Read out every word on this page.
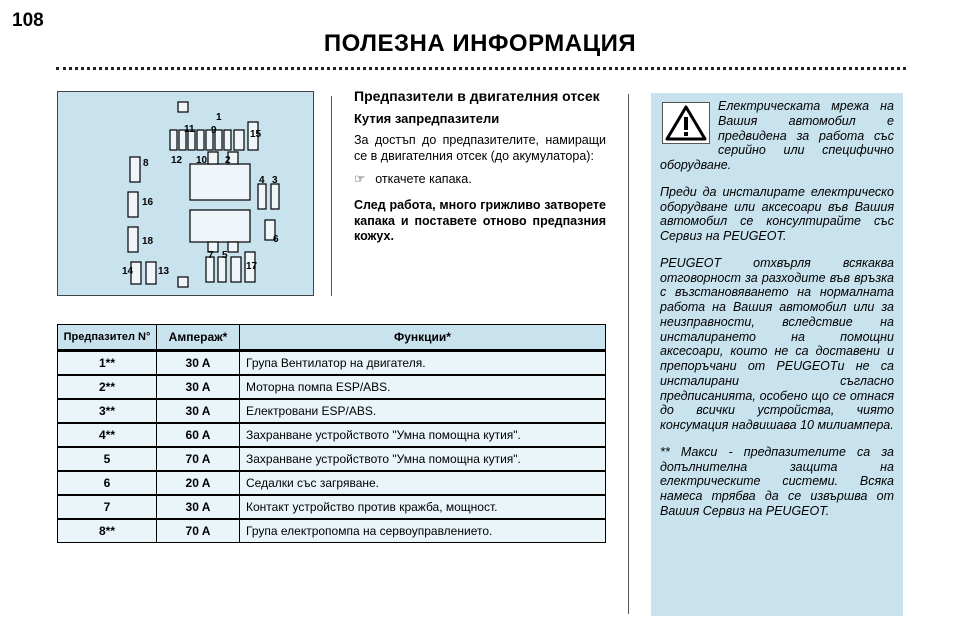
108
ПОЛЕЗНА ИНФОРМАЦИЯ
1
11 9	15
8 12 10 2
16
4 3
18	6
7 5
14 13	17
Предпазители в двигателния отсек
Кутия запредпазители

За достъп до предпазителите, намиращи се в двигателния отсек (до акумулатора):

☞ откачете капака.

След работа, много грижливо затворете капака и поставете отново предпазния кожух.

Предпазител N°	Ампераж*	Функции*
1**	30 A	Група Вентилатор на двигателя.
2**	30 A	Моторна помпа ESP/ABS.
3**	30 A	Електровани ESP/ABS.
4**	60 A	Захранване устройството "Умна помощна кутия".
5	70 A	Захранване устройството "Умна помощна кутия".
6	20 A	Седалки със загряване.
7	30 A	Контакт устройство против кражба, мощност.
8**	70 A	Група електропомпа на сервоуправлението.

Електрическата мрежа на Вашия автомобил е предвидена за работа със серийно или специфично оборудване.

Преди да инсталирате електрическо оборудване или аксесоари във Вашия автомобил се консултирайте със Сервиз на PEUGEOT.

PEUGEOT отхвърля всякаква отговорност за разходите във връзка с възстановяването на нормалната работа на Вашия автомобил или за неизправности, вследствие на инсталирането на помощни аксесоари, които не са доставени и препоръчани от PEUGEOTи не са инсталирани съгласно предписанията, особено що се отнася до всички устройства, чиято консумация надвишава 10 милиампера.

** Макси - предпазителите са за допълнителна защита на електрическите системи. Всяка намеса трябва да се извършва от Вашия Сервиз на PEUGEOT.
